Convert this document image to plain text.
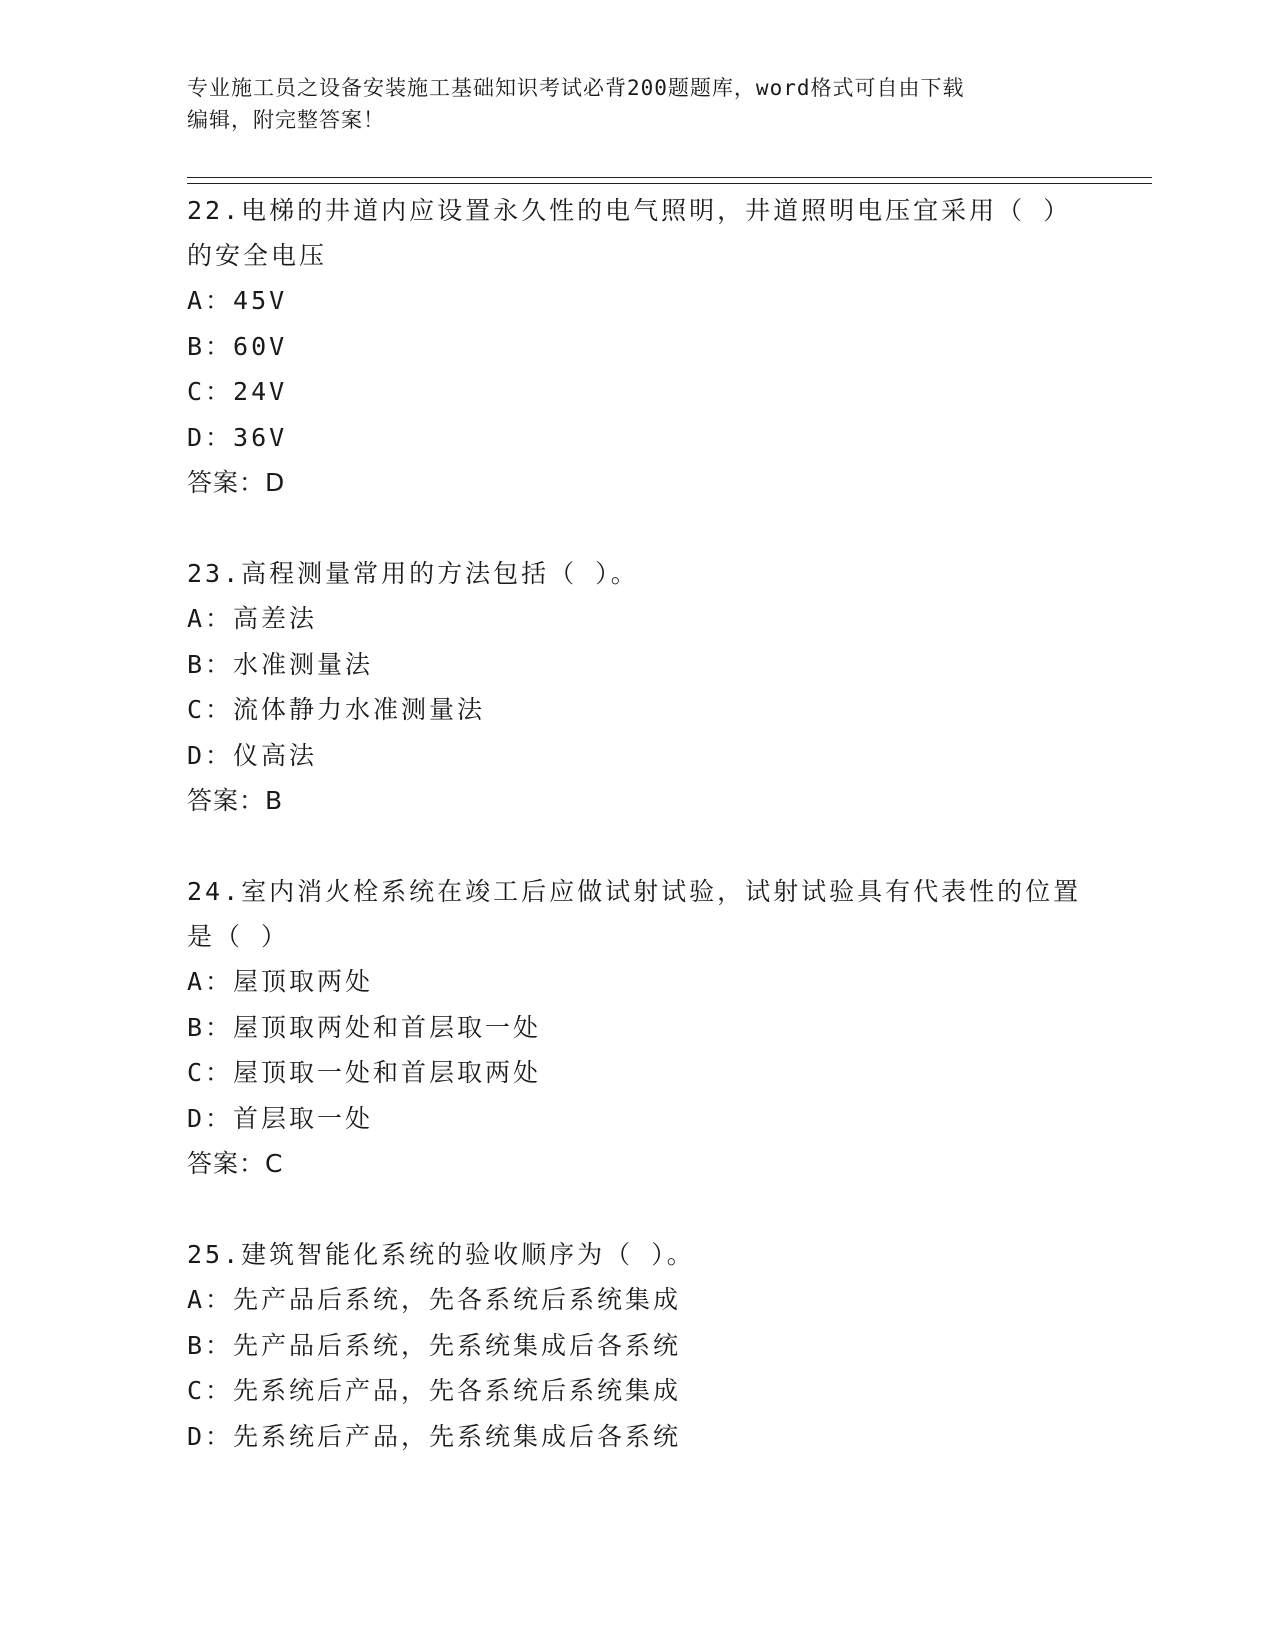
专业施工员之设备安装施工基础知识考试必背200题题库，word格式可自由下载
编辑，附完整答案！
22.电梯的井道内应设置永久性的电气照明，井道照明电压宜采用（ ）的安全电压
A：45V
B：60V
C：24V
D：36V
答案：D
23.高程测量常用的方法包括（ ）。
A：高差法
B：水准测量法
C：流体静力水准测量法
D：仪高法
答案：B
24.室内消火栓系统在竣工后应做试射试验，试射试验具有代表性的位置是（ ）
A：屋顶取两处
B：屋顶取两处和首层取一处
C：屋顶取一处和首层取两处
D：首层取一处
答案：C
25.建筑智能化系统的验收顺序为（ ）。
A：先产品后系统，先各系统后系统集成
B：先产品后系统，先系统集成后各系统
C：先系统后产品，先各系统后系统集成
D：先系统后产品，先系统集成后各系统
